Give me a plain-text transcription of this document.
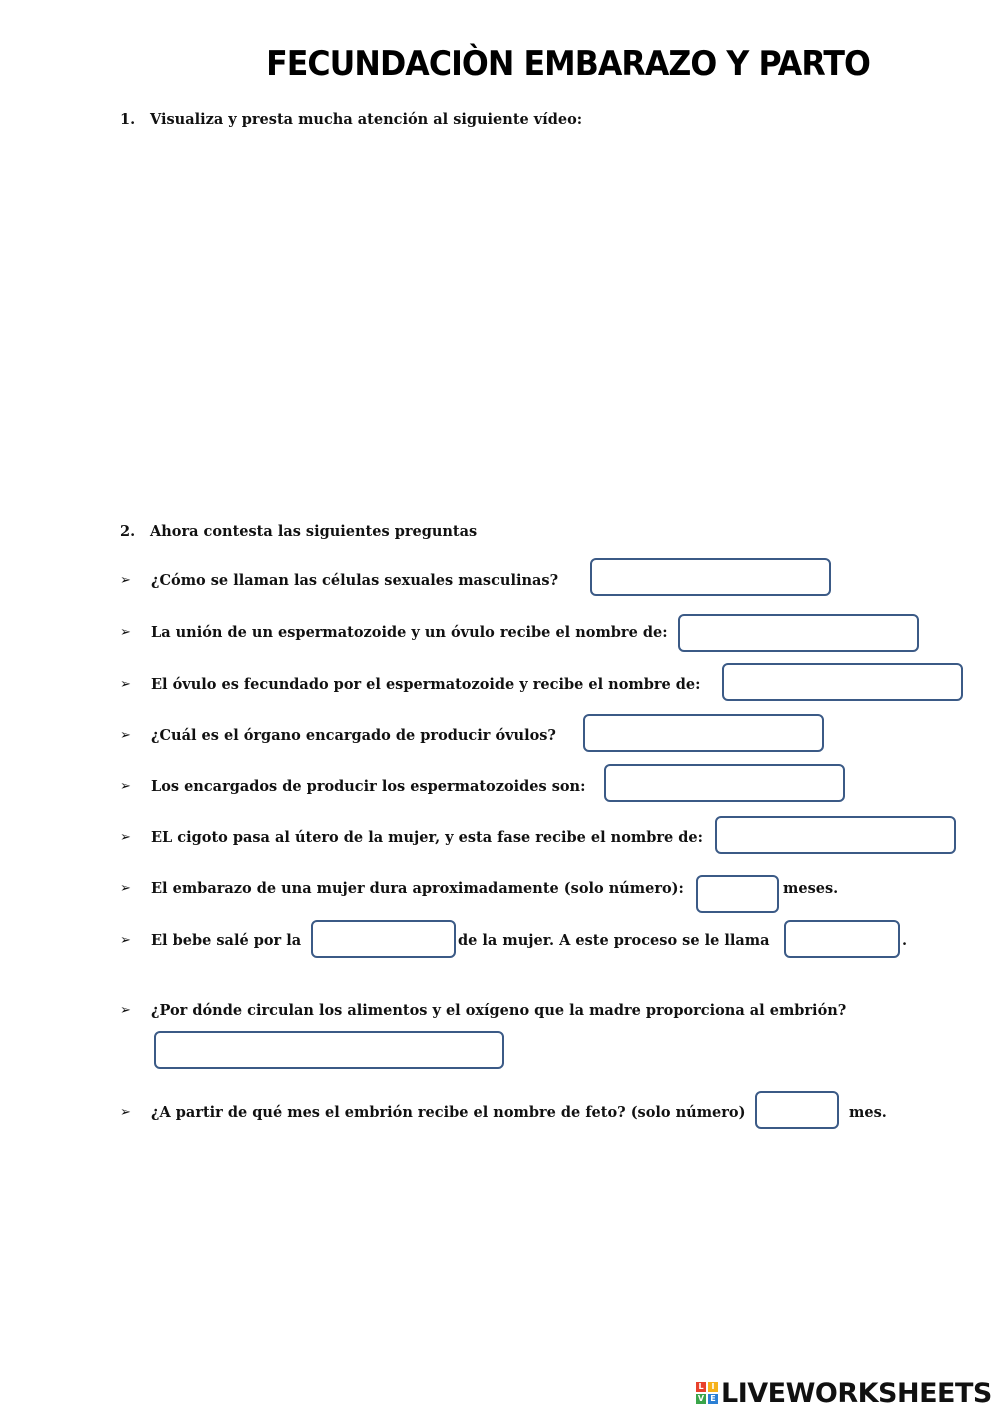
FECUNDACIÒN EMBARAZO Y PARTO
1. Visualiza y presta mucha atención al siguiente vídeo:
2. Ahora contesta las siguientes preguntas
➢ ¿Cómo se llaman las células sexuales masculinas?
➢ La unión de un espermatozoide y un óvulo recibe el nombre de:
➢ El óvulo es fecundado por el espermatozoide y recibe el nombre de:
➢ ¿Cuál es el órgano encargado de producir óvulos?
➢ Los encargados de producir los espermatozoides son:
➢ EL cigoto pasa al útero de la mujer, y esta fase recibe el nombre de:
➢ El embarazo de una mujer dura aproximadamente (solo número):	meses.
➢ El bebe salé por la	de la mujer. A este proceso se le llama	.
➢ ¿Por dónde circulan los alimentos y el oxígeno que la madre proporciona al embrión?
➢ ¿A partir de qué mes el embrión recibe el nombre de feto? (solo número)	mes.
L I
V E LIVEWORKSHEETS
